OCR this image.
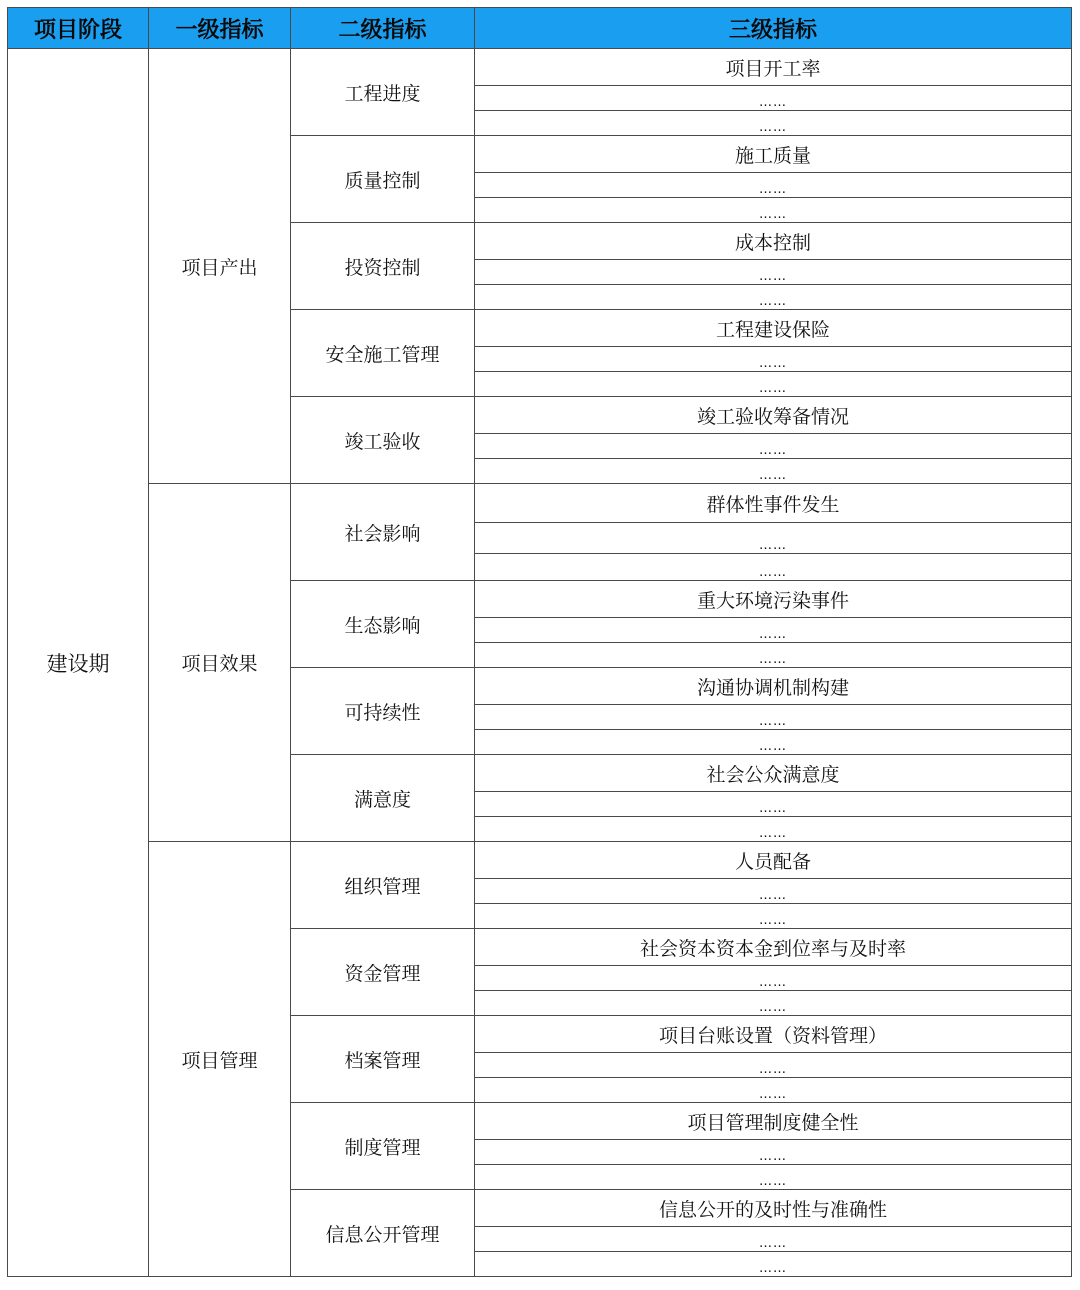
项目阶段	一级指标	二级指标	三级指标
建设期	项目产出	工程进度	项目开工率
			……
			……
		质量控制	施工质量
			……
			……
		投资控制	成本控制
			……
			……
		安全施工管理	工程建设保险
			……
			……
		竣工验收	竣工验收筹备情况
			……
			……
	项目效果	社会影响	群体性事件发生
			……
			……
		生态影响	重大环境污染事件
			……
			……
		可持续性	沟通协调机制构建
			……
			……
		满意度	社会公众满意度
			……
			……
	项目管理	组织管理	人员配备
			……
			……
		资金管理	社会资本资本金到位率与及时率
			……
			……
		档案管理	项目台账设置（资料管理）
			……
			……
		制度管理	项目管理制度健全性
			……
			……
		信息公开管理	信息公开的及时性与准确性
			……
			……
